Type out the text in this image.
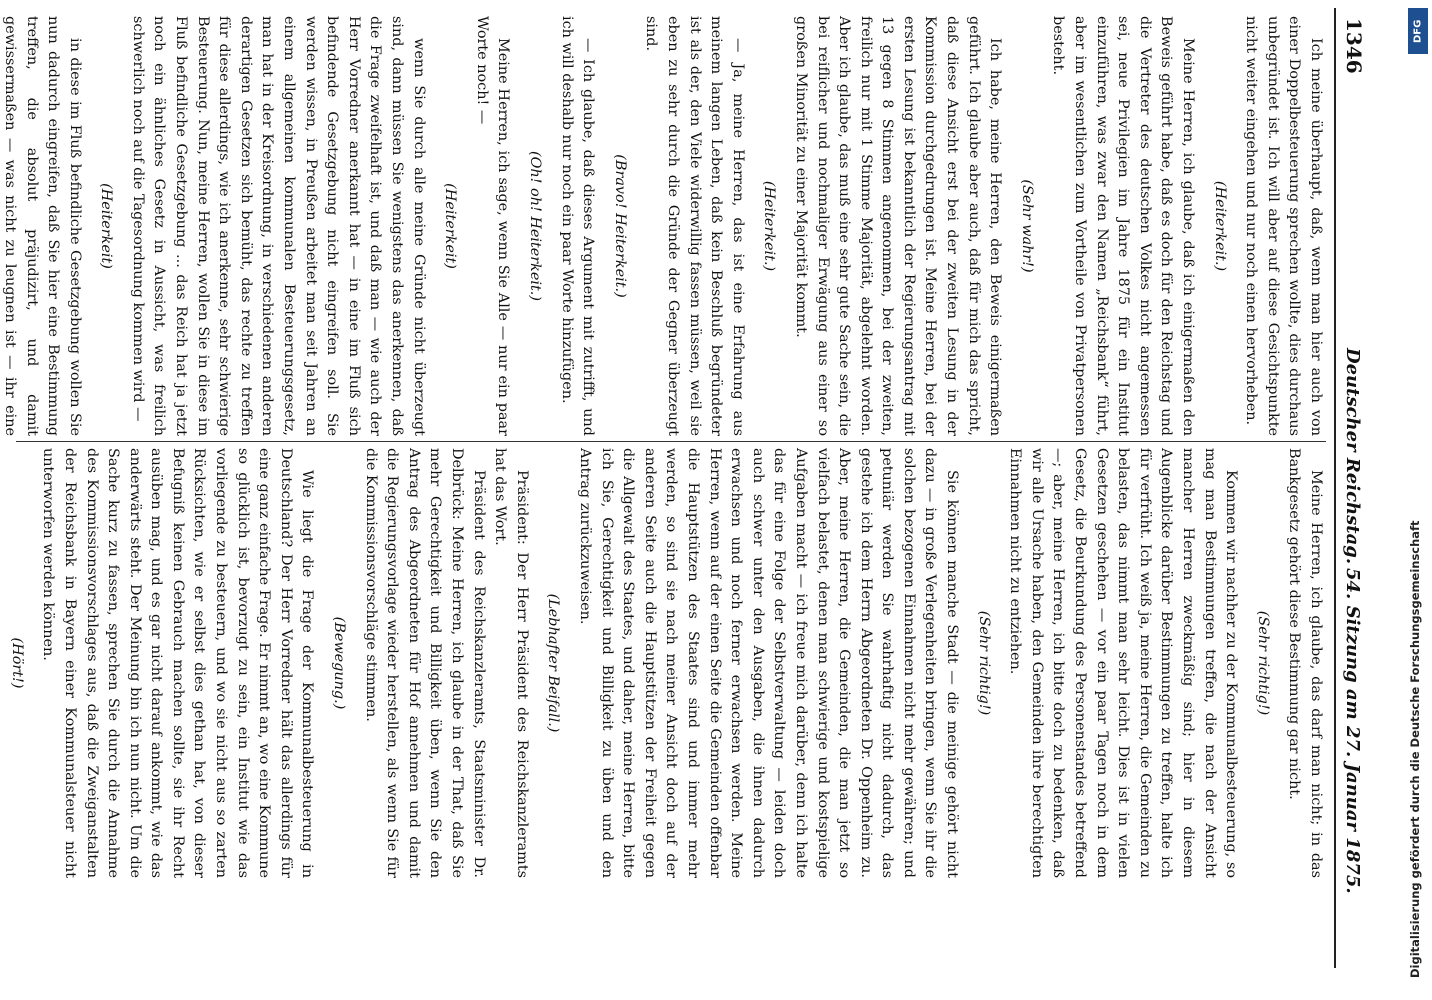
1346
Deutscher Reichstag.
54. Sitzung am 27. Januar 1875.

Ich meine überhaupt, daß, wenn man hier auch von einer Doppelbesteuerung sprechen wollte, dies durchaus unbegründet ist. Ich will aber auf diese Gesichtspunkte nicht weiter eingehen und nur noch einen hervorheben.

(Heiterkeit.)

Meine Herren, ich glaube, daß ich einigermaßen den Beweis geführt habe, daß es doch für den Reichstag und die Vertreter des deutschen Volkes nicht angemessen sei, neue Privilegien im Jahre 1875 für ein Institut einzuführen, was zwar den Namen „Reichsbank“ führt, aber im wesentlichen zum Vortheile von Privatpersonen besteht.

(Sehr wahr!)

Ich habe, meine Herren, den Beweis einigermaßen geführt. Ich glaube aber auch, daß für mich das spricht, daß diese Ansicht erst bei der zweiten Lesung in der Kommission durchgedrungen ist. Meine Herren, bei der ersten Lesung ist bekanntlich der Regierungsantrag mit 13 gegen 8 Stimmen angenommen, bei der zweiten, freilich nur mit 1 Stimme Majorität, abgelehnt worden. Aber ich glaube, das muß eine sehr gute Sache sein, die bei reiflicher und nochmaliger Erwägung aus einer so großen Minorität zu einer Majorität kommt.

(Heiterkeit.)

— Ja, meine Herren, das ist eine Erfahrung aus meinem langen Leben, daß kein Beschluß begründeter ist als der, den Viele widerwillig fassen müssen, weil sie eben zu sehr durch die Gründe der Gegner überzeugt sind.

(Bravo! Heiterkeit.)

— Ich glaube, daß dieses Argument mit zutrifft, und ich will deshalb nur noch ein paar Worte hinzufügen.

(Oh! oh! Heiterkeit.)

Meine Herren, ich sage, wenn Sie Alle — nur ein paar Worte noch! —

(Heiterkeit)

wenn Sie durch alle meine Gründe nicht überzeugt sind, dann müssen Sie wenigstens das anerkennen, daß die Frage zweifelhaft ist, und daß man — wie auch der Herr Vorredner anerkannt hat — in eine im Fluß sich befindende Gesetzgebung nicht eingreifen soll. Sie werden wissen, in Preußen arbeitet man seit Jahren an einem allgemeinen kommunalen Besteuerungsgesetz, man hat in der Kreisordnung, in verschiedenen anderen derartigen Gesetzen sich bemüht, das rechte zu treffen für diese allerdings, wie ich anerkenne, sehr schwierige Besteuerung. Nun, meine Herren, wollen Sie in diese im Fluß befindliche Gesetzgebung ... das Reich hat ja jetzt noch ein ähnliches Gesetz in Aussicht, was freilich schwerlich noch auf die Tagesordnung kommen wird —

(Heiterkeit)

in diese im Fluß befindliche Gesetzgebung wollen Sie nun dadurch eingreifen, daß Sie hier eine Bestimmung treffen, die absolut präjudizirt, und damit gewissermaßen — was nicht zu leugnen ist — ihr eine

Meine Herren, ich glaube, das darf man nicht; in das Bankgesetz gehört diese Bestimmung gar nicht.

(Sehr richtig!)

Kommen wir nachher zu der Kommunalbesteuerung, so mag man Bestimmungen treffen, die nach der Ansicht mancher Herren zweckmäßig sind; hier in diesem Augenblicke darüber Bestimmungen zu treffen, halte ich für verfrüht. Ich weiß ja, meine Herren, die Gemeinden zu belasten, das nimmt man sehr leicht. Dies ist in vielen Gesetzen geschehen — vor ein paar Tagen noch in dem Gesetz, die Beurkundung des Personenstandes betreffend —; aber, meine Herren, ich bitte doch zu bedenken, daß wir alle Ursache haben, den Gemeinden ihre berechtigten Einnahmen nicht zu entziehen.

(Sehr richtig!)

Sie können manche Stadt — die meinige gehört nicht dazu — in große Verlegenheiten bringen, wenn Sie ihr die solchen bezogenen Einnahmen nicht mehr gewähren; und petuniär werden Sie wahrhaftig nicht dadurch, das gestehe ich dem Herrn Abgeordneten Dr. Oppenheim zu. Aber, meine Herren, die Gemeinden, die man jetzt so vielfach belastet, denen man schwierige und kostspielige Aufgaben macht — ich freue mich darüber, denn ich halte das für eine Folge der Selbstverwaltung — leiden doch auch schwer unter den Ausgaben, die ihnen dadurch erwachsen und noch ferner erwachsen werden. Meine Herren, wenn auf der einen Seite die Gemeinden offenbar die Hauptstützen des Staates sind und immer mehr werden, so sind sie nach meiner Ansicht doch auf der anderen Seite auch die Hauptstützen der Freiheit gegen die Allgewalt des Staates, und daher, meine Herren, bitte ich Sie, Gerechtigkeit und Billigkeit zu üben und den Antrag zurückzuweisen.

(Lebhafter Beifall.)

Präsident: Der Herr Präsident des Reichskanzleramts hat das Wort.

Präsident des Reichskanzleramts, Staatsminister Dr. Delbrück: Meine Herren, ich glaube in der That, daß Sie mehr Gerechtigkeit und Billigkeit üben, wenn Sie den Antrag des Abgeordneten für Hof annehmen und damit die Regierungsvorlage wieder herstellen, als wenn Sie für die Kommissionsvorschläge stimmen.

(Bewegung.)

Wie liegt die Frage der Kommunalbesteuerung in Deutschland? Der Herr Vorredner hält das allerdings für eine ganz einfache Frage. Er nimmt an, wo eine Kommune so glücklich ist, bevorzugt zu sein, ein Institut wie das vorliegende zu besteuern, und wo sie nicht aus so zarten Rücksichten, wie er selbst dies gethan hat, von dieser Befugniß keinen Gebrauch machen sollte, sie ihr Recht ausüben mag, und es gar nicht darauf ankommt, wie das anderwärts steht. Der Meinung bin ich nun nicht. Um die Sache kurz zu fassen, sprechen Sie durch die Annahme des Kommissionsvorschlages aus, daß die Zweiganstalten der Reichsbank in Bayern einer Kommunalsteuer nicht unterworfen werden können.

(Hört!)

DFG
Digitalisierung gefördert durch die Deutsche Forschungsgemeinschaft
